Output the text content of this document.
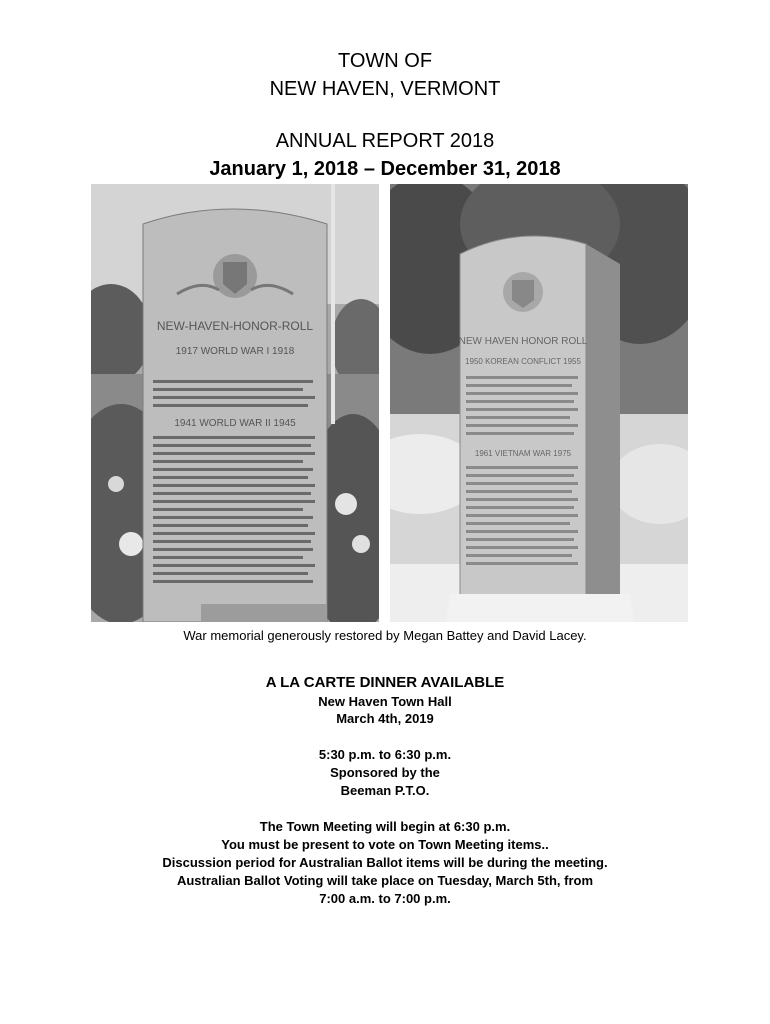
TOWN OF
NEW HAVEN, VERMONT
ANNUAL REPORT 2018
January 1, 2018 – December 31, 2018
NEW-HAVEN-HONOR-ROLL
1917 WORLD WAR I 1918
1941 WORLD WAR II 1945
NEW HAVEN HONOR ROLL
1950 KOREAN CONFLICT 1955
1961 VIETNAM WAR 1975
War memorial generously restored by Megan Battey and David Lacey.
A LA CARTE DINNER AVAILABLE
New Haven Town Hall
March 4th, 2019
5:30 p.m. to 6:30 p.m.
Sponsored by the
Beeman P.T.O.
The Town Meeting will begin at 6:30 p.m.
You must be present to vote on Town Meeting items..
Discussion period for Australian Ballot items will be during the meeting.
Australian Ballot Voting will take place on Tuesday, March 5th, from
7:00 a.m. to 7:00 p.m.
